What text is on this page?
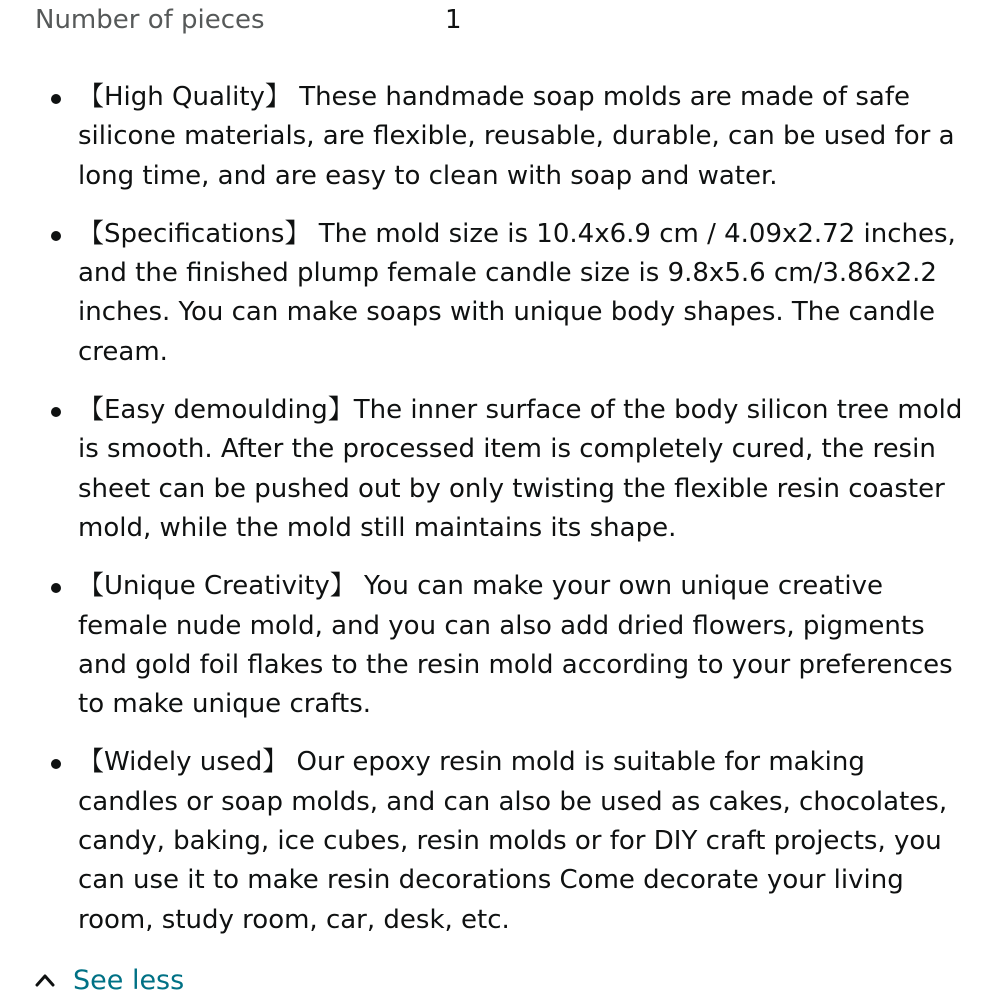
Number of pieces	1
【High Quality】 These handmade soap molds are made of safe silicone materials, are flexible, reusable, durable, can be used for a long time, and are easy to clean with soap and water.
【Specifications】 The mold size is 10.4x6.9 cm / 4.09x2.72 inches, and the finished plump female candle size is 9.8x5.6 cm/3.86x2.2 inches. You can make soaps with unique body shapes. The candle cream.
【Easy demoulding】The inner surface of the body silicon tree mold is smooth. After the processed item is completely cured, the resin sheet can be pushed out by only twisting the flexible resin coaster mold, while the mold still maintains its shape.
【Unique Creativity】 You can make your own unique creative female nude mold, and you can also add dried flowers, pigments and gold foil flakes to the resin mold according to your preferences to make unique crafts.
【Widely used】 Our epoxy resin mold is suitable for making candles or soap molds, and can also be used as cakes, chocolates, candy, baking, ice cubes, resin molds or for DIY craft projects, you can use it to make resin decorations Come decorate your living room, study room, car, desk, etc.
See less
